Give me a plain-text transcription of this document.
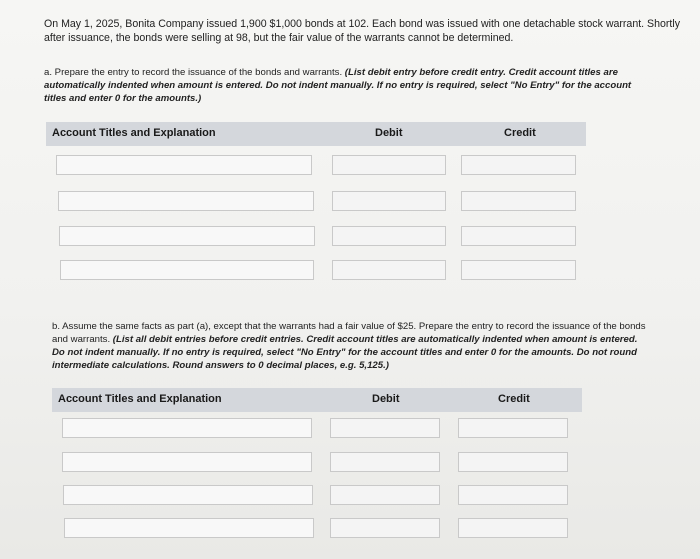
On May 1, 2025, Bonita Company issued 1,900 $1,000 bonds at 102. Each bond was issued with one detachable stock warrant. Shortly after issuance, the bonds were selling at 98, but the fair value of the warrants cannot be determined.
a. Prepare the entry to record the issuance of the bonds and warrants. (List debit entry before credit entry. Credit account titles are automatically indented when amount is entered. Do not indent manually. If no entry is required, select "No Entry" for the account titles and enter 0 for the amounts.)
Account Titles and Explanation	Debit	Credit
b. Assume the same facts as part (a), except that the warrants had a fair value of $25. Prepare the entry to record the issuance of the bonds and warrants. (List all debit entries before credit entries. Credit account titles are automatically indented when amount is entered. Do not indent manually. If no entry is required, select "No Entry" for the account titles and enter 0 for the amounts. Do not round intermediate calculations. Round answers to 0 decimal places, e.g. 5,125.)
Account Titles and Explanation	Debit	Credit
